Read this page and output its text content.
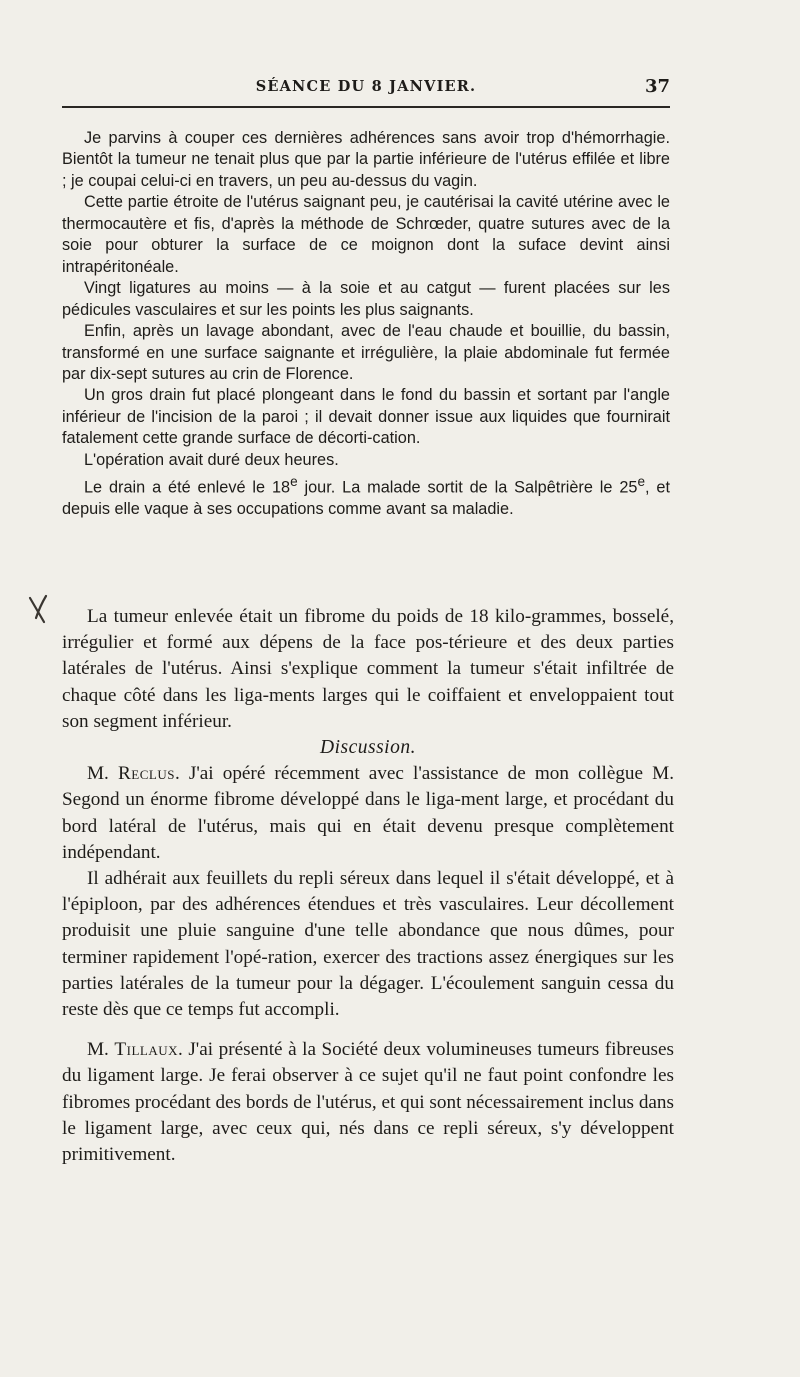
SÉANCE DU 8 JANVIER.	37

Je parvins à couper ces dernières adhérences sans avoir trop d'hémorrhagie. Bientôt la tumeur ne tenait plus que par la partie inférieure de l'utérus effilée et libre ; je coupai celui-ci en travers, un peu au-dessus du vagin.

Cette partie étroite de l'utérus saignant peu, je cautérisai la cavité utérine avec le thermocautère et fis, d'après la méthode de Schrœder, quatre sutures avec de la soie pour obturer la surface de ce moignon dont la suface devint ainsi intrapéritonéale.

Vingt ligatures au moins — à la soie et au catgut — furent placées sur les pédicules vasculaires et sur les points les plus saignants.

Enfin, après un lavage abondant, avec de l'eau chaude et bouillie, du bassin, transformé en une surface saignante et irrégulière, la plaie abdominale fut fermée par dix-sept sutures au crin de Florence.

Un gros drain fut placé plongeant dans le fond du bassin et sortant par l'angle inférieur de l'incision de la paroi ; il devait donner issue aux liquides que fournirait fatalement cette grande surface de décorti-cation.

L'opération avait duré deux heures.

Le drain a été enlevé le 18e jour. La malade sortit de la Salpêtrière le 25e, et depuis elle vaque à ses occupations comme avant sa maladie.

La tumeur enlevée était un fibrome du poids de 18 kilo-grammes, bosselé, irrégulier et formé aux dépens de la face pos-térieure et des deux parties latérales de l'utérus. Ainsi s'explique comment la tumeur s'était infiltrée de chaque côté dans les liga-ments larges qui le coiffaient et enveloppaient tout son segment inférieur.

Discussion.

M. Reclus. J'ai opéré récemment avec l'assistance de mon collègue M. Segond un énorme fibrome développé dans le liga-ment large, et procédant du bord latéral de l'utérus, mais qui en était devenu presque complètement indépendant.

Il adhérait aux feuillets du repli séreux dans lequel il s'était développé, et à l'épiploon, par des adhérences étendues et très vasculaires. Leur décollement produisit une pluie sanguine d'une telle abondance que nous dûmes, pour terminer rapidement l'opé-ration, exercer des tractions assez énergiques sur les parties latérales de la tumeur pour la dégager. L'écoulement sanguin cessa du reste dès que ce temps fut accompli.

M. Tillaux. J'ai présenté à la Société deux volumineuses tumeurs fibreuses du ligament large. Je ferai observer à ce sujet qu'il ne faut point confondre les fibromes procédant des bords de l'utérus, et qui sont nécessairement inclus dans le ligament large, avec ceux qui, nés dans ce repli séreux, s'y développent primitivement.
